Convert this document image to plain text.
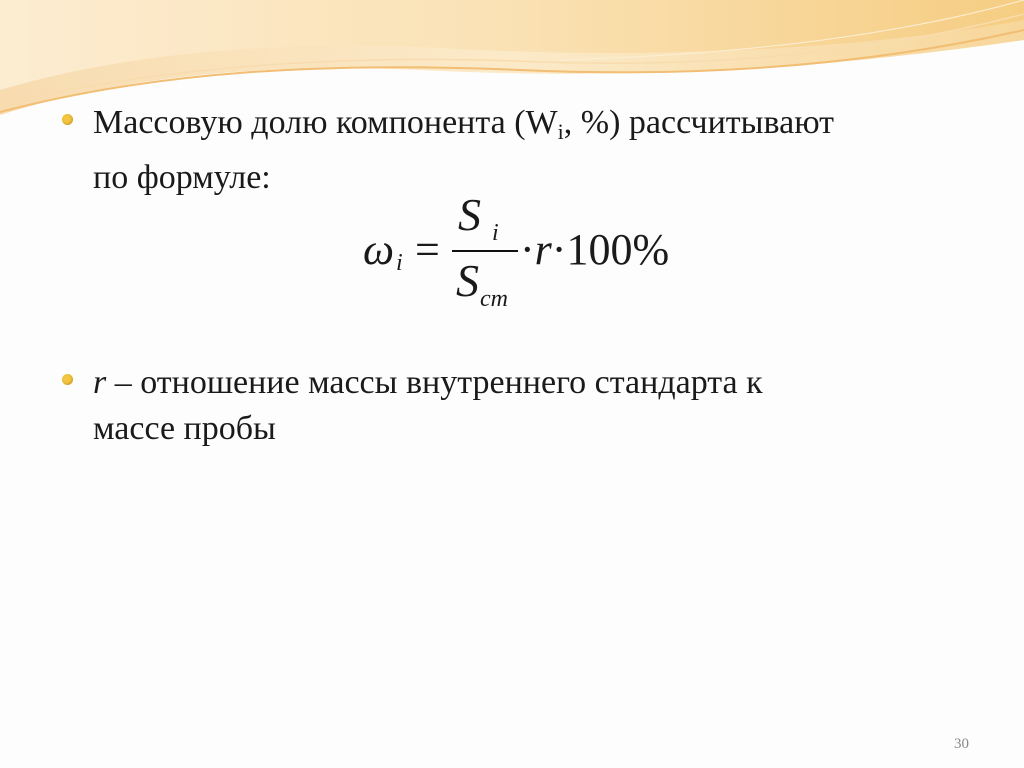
Массовую долю компонента ($W_i$, %) рассчитывают
по формуле:
ω i =
S i
S ст
·r·100%
r – отношение массы внутреннего стандарта к
массе пробы
30
